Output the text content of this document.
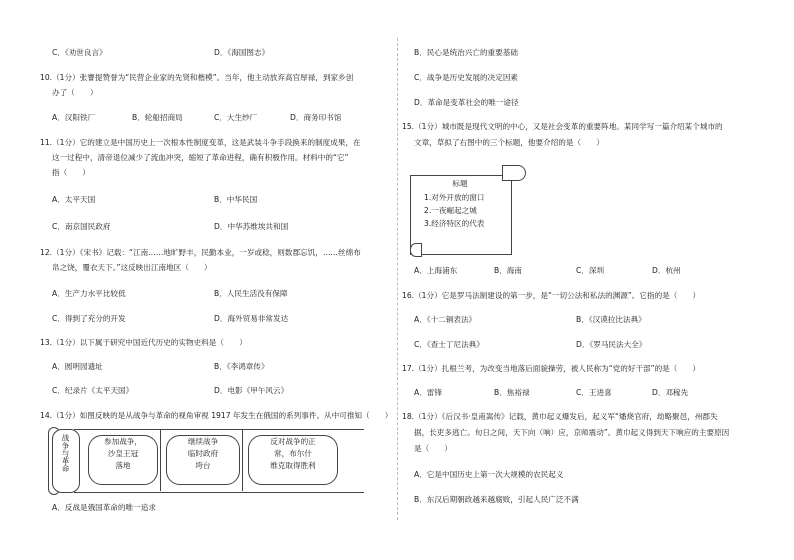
C．《劝世良言》	D．《海国图志》
10.（1分）张謇提赞誉为“民营企业家的先贤和楷模”。当年，他主动放弃高官厚禄，到家乡创
办了（　　）
A．汉阳铁厂	B．轮船招商局	C．大生纱厂	D．商务印书馆
11.（1分）它的建立是中国历史上一次根本性制度变革，这是武装斗争手段换来的制度成果，在
这一过程中，清帝退位减少了流血冲突，缩短了革命进程，确有积极作用。材料中的“它”
指（　　）
A．太平天国	B．中华民国
C．南京国民政府	D．中华苏维埃共和国
12.（1分）《宋书》记载：“江南……地旷野丰，民勤本业，一岁或稔，则数郡忘饥，……丝绵布
帛之饶，覆衣天下。”这反映出江南地区（　　）
A．生产力水平比较低	B．人民生活没有保障
C．得到了充分的开发	D．海外贸易非常发达
13.（1分）以下属于研究中国近代历史的实物史料是（　　）
A．圆明园遗址	B．《李鸿章传》
C．纪录片《太平天国》	D．电影《甲午风云》
14.（1分）如图反映的是从战争与革命的视角审视 1917 年发生在俄国的系列事件。从中可推知（　　）
战争与革命	参加战争，
沙皇王冠
落地
继续战争
临时政府
垮台
反对战争的正
常，布尔什
维克取得胜利
A．反战是俄国革命的唯一追求
B．民心是统治兴亡的重要基础
C．战争是历史发展的决定因素
D．革命是变革社会的唯一途径
15.（1分）城市既是现代文明的中心，又是社会变革的重要阵地。某同学写一篇介绍某个城市的
文章，草拟了右图中的三个标题，他要介绍的是（　　）
标题
1.对外开放的窗口
2.一夜崛起之城
3.经济特区的代表
A．上海浦东	B．海南	C．深圳	D．杭州
16.（1分）它是罗马法制建设的第一步，是“一切公法和私法的渊源”。它指的是（　　）
A．《十二铜表法》	B．《汉谟拉比法典》
C．《查士丁尼法典》	D．《罗马民法大全》
17.（1分）扎根兰考，为改变当地落后面貌操劳，被人民称为“党的好干部”的是（　　）
A．雷锋	B．焦裕禄	C．王进喜	D．邓稼先
18.（1分）《后汉书·皇甫嵩传》记载，黄巾起义爆发后，起义军“燔烧官府，劫略聚邑，州郡失
据，长吏多逃亡。旬日之间，天下向（响）应，京师震动”。黄巾起义得到天下响应的主要原因
是（　　）
A．它是中国历史上第一次大规模的农民起义
B．东汉后期朝政越来越腐败，引起人民广泛不满
